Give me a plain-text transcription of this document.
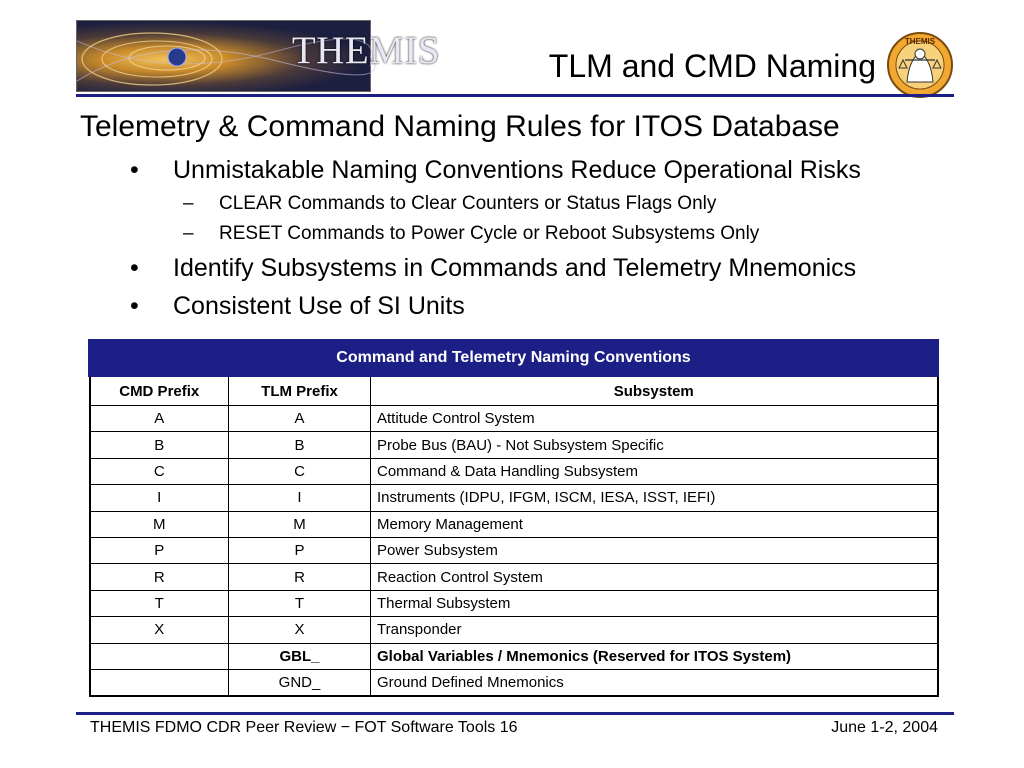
THEMIS	TLM and CMD Naming
THEMIS
Telemetry & Command Naming Rules for ITOS Database
• Unmistakable Naming Conventions Reduce Operational Risks
– CLEAR Commands to Clear Counters or Status Flags Only
– RESET Commands to Power Cycle or Reboot Subsystems Only
• Identify Subsystems in Commands and Telemetry Mnemonics
• Consistent Use of SI Units
Command and Telemetry Naming Conventions		
CMD Prefix	TLM Prefix	Subsystem
A	A	Attitude Control System
B	B	Probe Bus (BAU) - Not Subsystem Specific
C	C	Command & Data Handling Subsystem
I	I	Instruments (IDPU, IFGM, ISCM, IESA, ISST, IEFI)
M	M	Memory Management
P	P	Power Subsystem
R	R	Reaction Control System
T	T	Thermal Subsystem
X	X	Transponder
	GBL_	Global Variables / Mnemonics (Reserved for ITOS System)
	GND_	Ground Defined Mnemonics
THEMIS FDMO CDR Peer Review − FOT Software Tools 16	June 1-2, 2004
